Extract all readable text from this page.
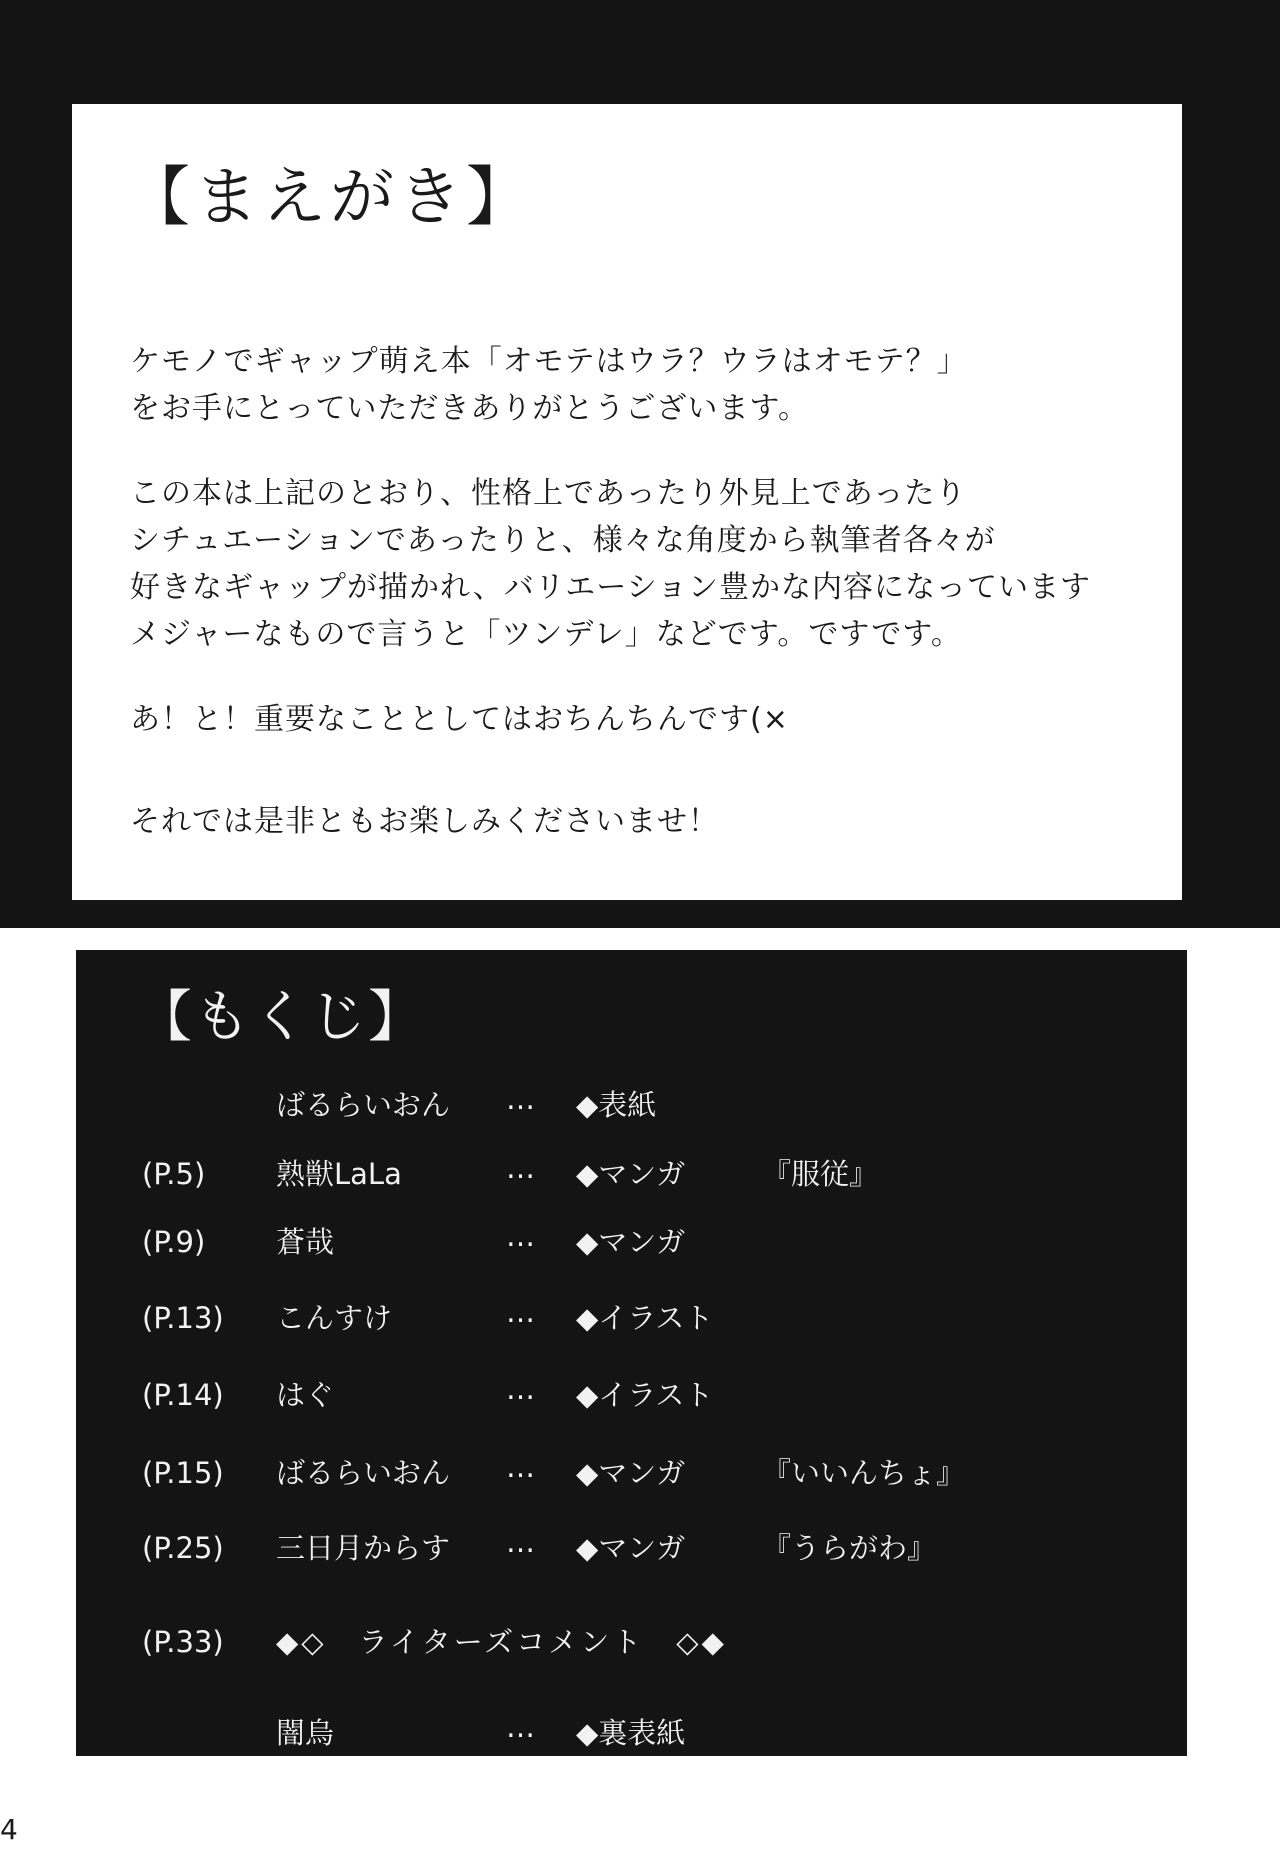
【まえがき】

ケモノでギャップ萌え本「オモテはウラ？ウラはオモテ？」
をお手にとっていただきありがとうございます。

この本は上記のとおり、性格上であったり外見上であったり
シチュエーションであったりと、様々な角度から執筆者各々が
好きなギャップが描かれ、バリエーション豊かな内容になっています
メジャーなもので言うと「ツンデレ」などです。ですです。

あ！と！重要なこととしてはおちんちんです(×

それでは是非ともお楽しみくださいませ！

【もくじ】
ばるらいおん … ◆表紙
(P.5) 熟獣LaLa	… ◆マンガ	『服従』
(P.9) 蒼哉	… ◆マンガ
(P.13) こんすけ	… ◆イラスト
(P.14) はぐ	… ◆イラスト
(P.15) ばるらいおん … ◆マンガ	『いいんちょ』
(P.25) 三日月からす … ◆マンガ	『うらがわ』
(P.33) ◆◇　ライターズコメント　◇◆
闇烏	… ◆裏表紙
4
